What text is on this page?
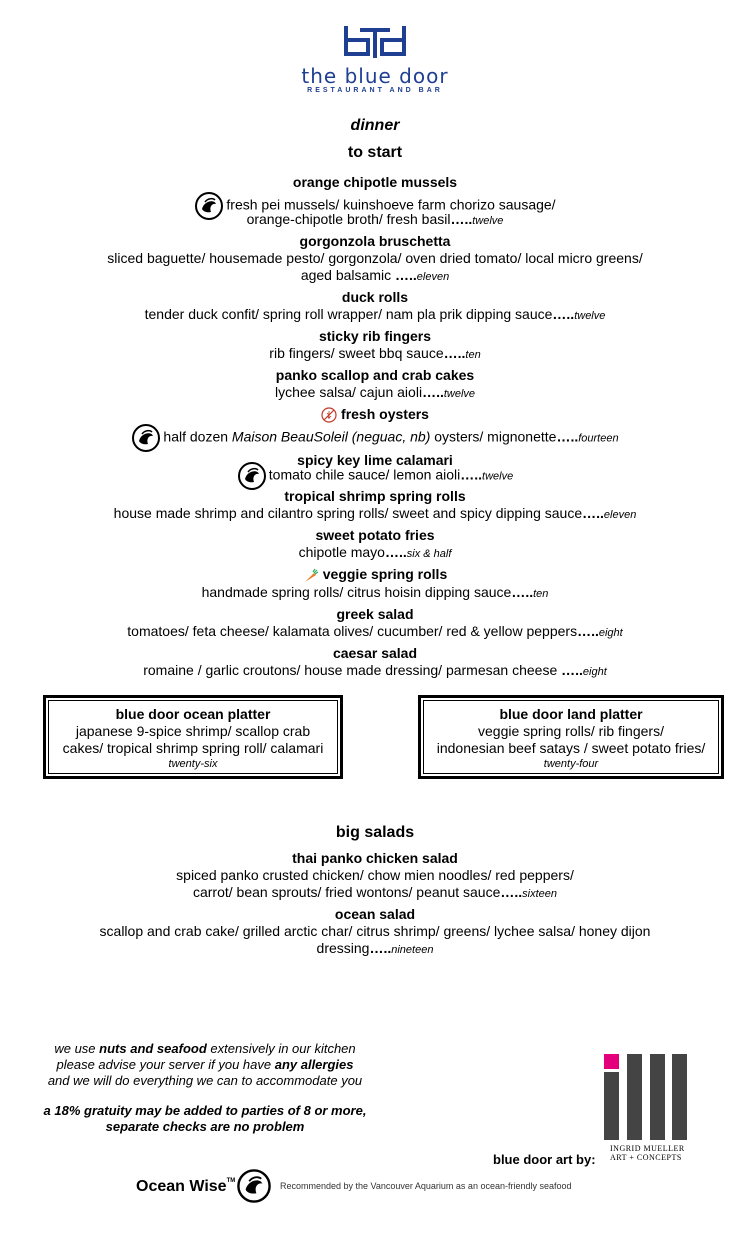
the blue door
RESTAURANT AND BAR
dinner
to start
orange chipotle mussels
fresh pei mussels/ kuinshoeve farm chorizo sausage/
orange-chipotle broth/ fresh basil…..twelve
gorgonzola bruschetta
sliced baguette/ housemade pesto/ gorgonzola/ oven dried tomato/ local micro greens/
aged balsamic …..eleven
duck rolls
tender duck confit/ spring roll wrapper/ nam pla prik dipping sauce…..twelve
sticky rib fingers
rib fingers/ sweet bbq sauce…..ten
panko scallop and crab cakes
lychee salsa/ cajun aioli…..twelve
fresh oysters
half dozen Maison BeauSoleil (neguac, nb) oysters/ mignonette…..fourteen
spicy key lime calamari
tomato chile sauce/ lemon aioli…..twelve
tropical shrimp spring rolls
house made shrimp and cilantro spring rolls/ sweet and spicy dipping sauce…..eleven
sweet potato fries
chipotle mayo…..six & half
veggie spring rolls
handmade spring rolls/ citrus hoisin dipping sauce…..ten
greek salad
tomatoes/ feta cheese/ kalamata olives/ cucumber/ red & yellow peppers…..eight
caesar salad
romaine / garlic croutons/ house made dressing/ parmesan cheese …..eight
blue door ocean platter
japanese 9-spice shrimp/ scallop crab
cakes/ tropical shrimp spring roll/ calamari
twenty-six
blue door land platter
veggie spring rolls/ rib fingers/
indonesian beef satays / sweet potato fries/
twenty-four
big salads
thai panko chicken salad
spiced panko crusted chicken/ chow mien noodles/ red peppers/
carrot/ bean sprouts/ fried wontons/ peanut sauce…..sixteen
ocean salad
scallop and crab cake/ grilled arctic char/ citrus shrimp/ greens/ lychee salsa/ honey dijon
dressing…..nineteen
we use nuts and seafood extensively in our kitchen
please advise your server if you have any allergies
and we will do everything we can to accommodate you
a 18% gratuity may be added to parties of 8 or more,
separate checks are no problem
blue door art by:
INGRID MUELLER
ART + CONCEPTS
Ocean Wise™	Recommended by the Vancouver Aquarium as an ocean-friendly seafood
